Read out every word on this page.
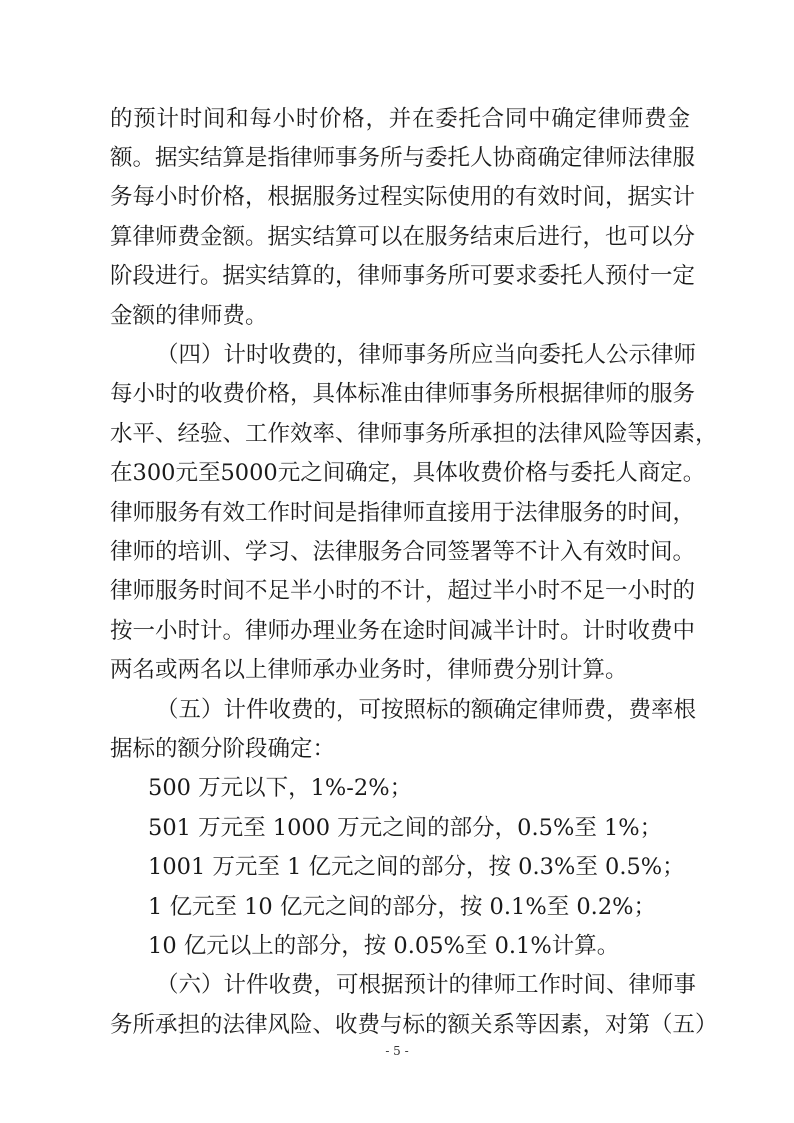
的预计时间和每小时价格，并在委托合同中确定律师费金
额。据实结算是指律师事务所与委托人协商确定律师法律服
务每小时价格，根据服务过程实际使用的有效时间，据实计
算律师费金额。据实结算可以在服务结束后进行，也可以分
阶段进行。据实结算的，律师事务所可要求委托人预付一定
金额的律师费。
（四）计时收费的，律师事务所应当向委托人公示律师
每小时的收费价格，具体标准由律师事务所根据律师的服务
水平、经验、工作效率、律师事务所承担的法律风险等因素，
在300元至5000元之间确定，具体收费价格与委托人商定。
律师服务有效工作时间是指律师直接用于法律服务的时间，
律师的培训、学习、法律服务合同签署等不计入有效时间。
律师服务时间不足半小时的不计，超过半小时不足一小时的
按一小时计。律师办理业务在途时间减半计时。计时收费中
两名或两名以上律师承办业务时，律师费分别计算。
（五）计件收费的，可按照标的额确定律师费，费率根
据标的额分阶段确定：
500 万元以下，1%-2%；
501 万元至 1000 万元之间的部分，0.5%至 1%；
1001 万元至 1 亿元之间的部分，按 0.3%至 0.5%；
1 亿元至 10 亿元之间的部分，按 0.1%至 0.2%；
10 亿元以上的部分，按 0.05%至 0.1%计算。
（六）计件收费，可根据预计的律师工作时间、律师事
务所承担的法律风险、收费与标的额关系等因素，对第（五）
- 5 -
